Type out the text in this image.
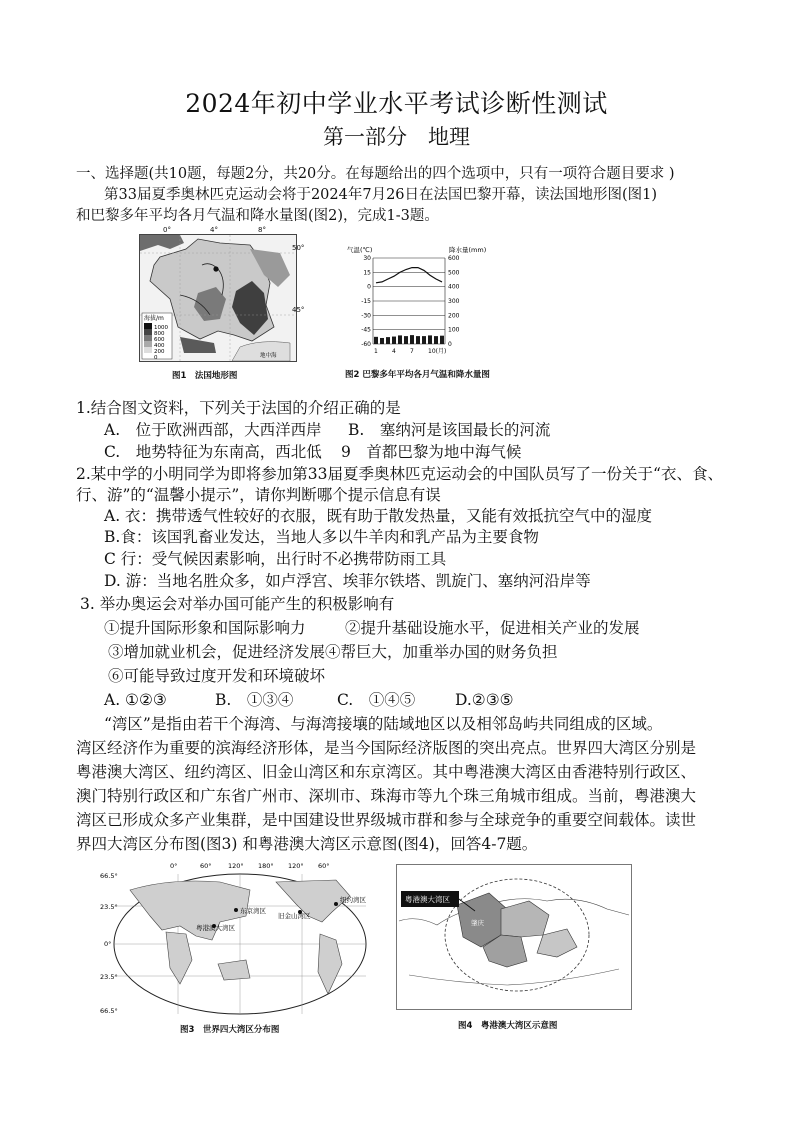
2024年初中学业水平考试诊断性测试
第一部分　地理
一、选择题(共10题，每题2分，共20分。在每题给出的四个选项中，只有一项符合题目要求 )
第33届夏季奥林匹克运动会将于2024年7月26日在法国巴黎开幕，读法国地形图(图1)
和巴黎多年平均各月气温和降水量图(图2)，完成1-3题。
海拔/m
1000
800
600
400
200
0	地中海
0°	4°	8°
50°
45°
图1　法国地形图
气温(℃)	降水量(mm)
30
15
0
-15
-30
-45
-60
600
500
400
300
200
100
0
1 4 7 10(月)
图2 巴黎多年平均各月气温和降水量图
1.结合图文资料，下列关于法国的介绍正确的是
A.　位于欧洲西部，大西洋西岸 B.　塞纳河是该国最长的河流
C.　地势特征为东南高，西北低 9　首都巴黎为地中海气候
2.某中学的小明同学为即将参加第33届夏季奥林匹克运动会的中国队员写了一份关于“衣、食、
行、游”的“温馨小提示”，请你判断哪个提示信息有误
A. 衣：携带透气性较好的衣服，既有助于散发热量，又能有效抵抗空气中的湿度
B.食：该国乳畜业发达，当地人多以牛羊肉和乳产品为主要食物
C 行：受气候因素影响，出行时不必携带防雨工具
D. 游：当地名胜众多，如卢浮宫、埃菲尔铁塔、凯旋门、塞纳河沿岸等
3. 举办奥运会对举办国可能产生的积极影响有
①提升国际形象和国际影响力	②提升基础设施水平，促进相关产业的发展
③增加就业机会，促进经济发展④帮巨大，加重举办国的财务负担
⑥可能导致过度开发和环境破坏
A. ①②③	B.　①③④	C.　①④⑤	D.②③⑤
“湾区”是指由若干个海湾、与海湾接壤的陆域地区以及相邻岛屿共同组成的区域。
湾区经济作为重要的滨海经济形体，是当今国际经济版图的突出亮点。世界四大湾区分别是
粤港澳大湾区、纽约湾区、旧金山湾区和东京湾区。其中粤港澳大湾区由香港特别行政区、
澳门特别行政区和广东省广州市、深圳市、珠海市等九个珠三角城市组成。当前，粤港澳大
湾区已形成众多产业集群，是中国建设世界级城市群和参与全球竞争的重要空间载体。读世
界四大湾区分布图(图3) 和粤港澳大湾区示意图(图4)，回答4-7题。
东京湾区
粤港澳大湾区
旧金山湾区
纽约湾区
0°	60°	120° 180° 120° 60°
66.5°
23.5°
0°
23.5°
66.5°
图3　世界四大湾区分布图
粤港澳大湾区
肇庆
图4　粤港澳大湾区示意图
